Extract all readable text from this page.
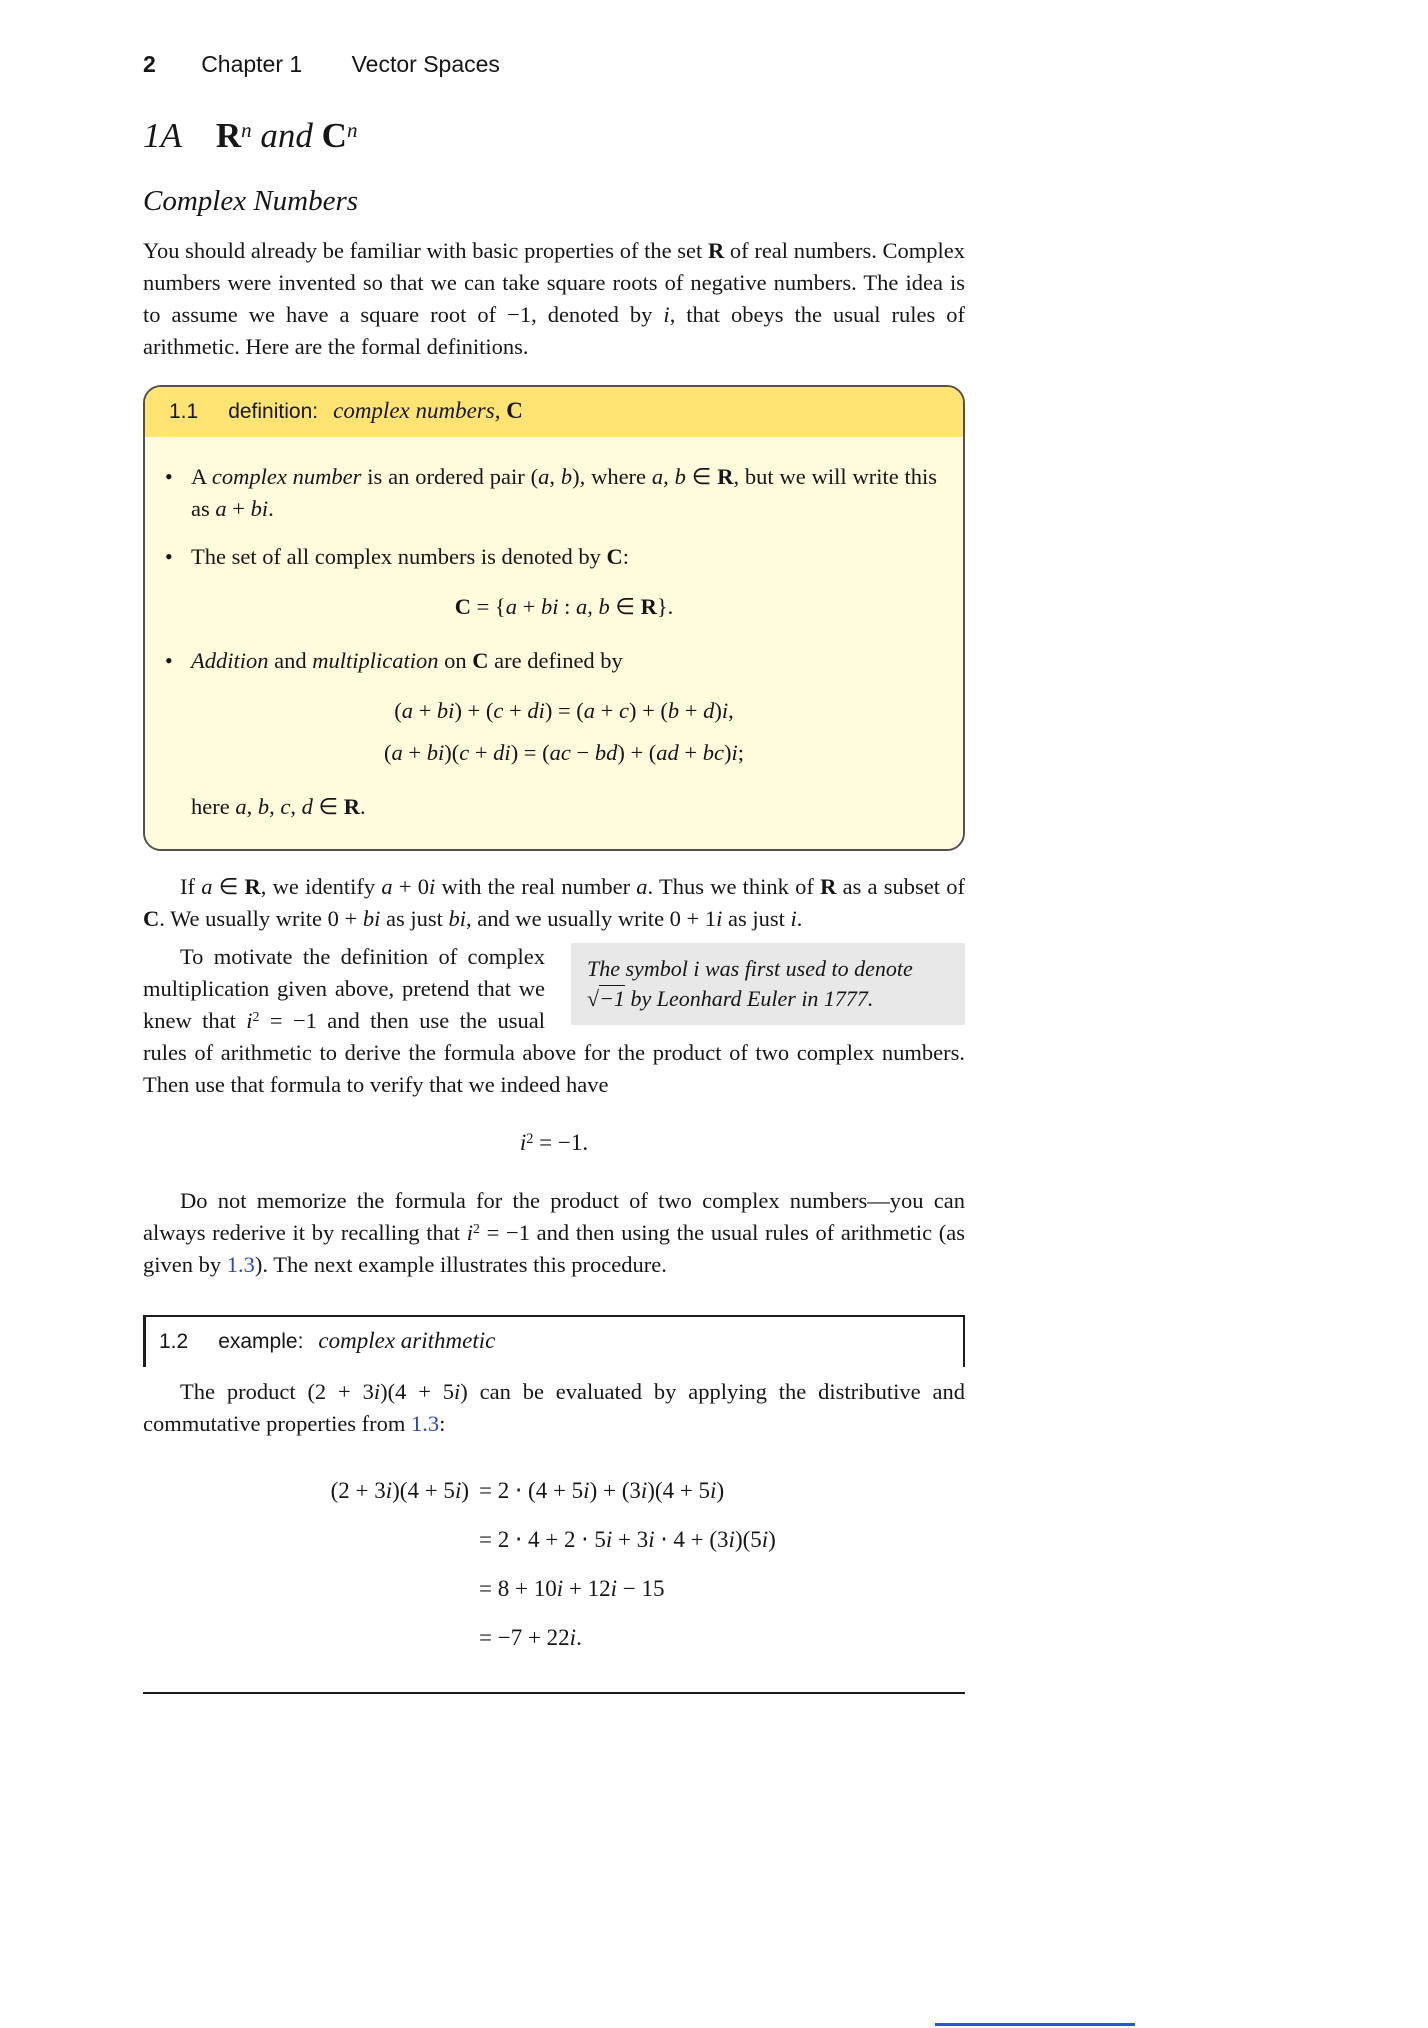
2 Chapter 1 Vector Spaces
1A $R^n$ and $C^n$
Complex Numbers

You should already be familiar with basic properties of the set R of real numbers. Complex numbers were invented so that we can take square roots of negative numbers. The idea is to assume we have a square root of −1, denoted by i, that obeys the usual rules of arithmetic. Here are the formal definitions.

1.1 definition: complex numbers, C
• A complex number is an ordered pair (a, b), where a, b ∈ R, but we will write this as a + bi.
• The set of all complex numbers is denoted by C:
C = {a + bi : a, b ∈ R}.
• Addition and multiplication on C are defined by
(a + bi) + (c + di) = (a + c) + (b + d)i,
(a + bi)(c + di) = (ac − bd) + (ad + bc)i;
here a, b, c, d ∈ R.

If a ∈ R, we identify a + 0i with the real number a. Thus we think of R as a subset of C. We usually write 0 + bi as just bi, and we usually write 0 + 1i as just i.

The symbol i was first used to denote √−1 by Leonhard Euler in 1777.
To motivate the definition of complex multiplication given above, pretend that we knew that $i^2 = -1$ and then use the usual rules of arithmetic to derive the formula above for the product of two complex numbers. Then use that formula to verify that we indeed have

$i^2 = -1$.

Do not memorize the formula for the product of two complex numbers—you can always rederive it by recalling that $i^2 = -1$ and then using the usual rules of arithmetic (as given by 1.3). The next example illustrates this procedure.

1.2 example: complex arithmetic

The product (2 + 3i)(4 + 5i) can be evaluated by applying the distributive and commutative properties from 1.3:

(2 + 3i)(4 + 5i) = 2 ⋅ (4 + 5i) + (3i)(4 + 5i)
= 2 ⋅ 4 + 2 ⋅ 5i + 3i ⋅ 4 + (3i)(5i)
= 8 + 10i + 12i − 15
= −7 + 22i.
